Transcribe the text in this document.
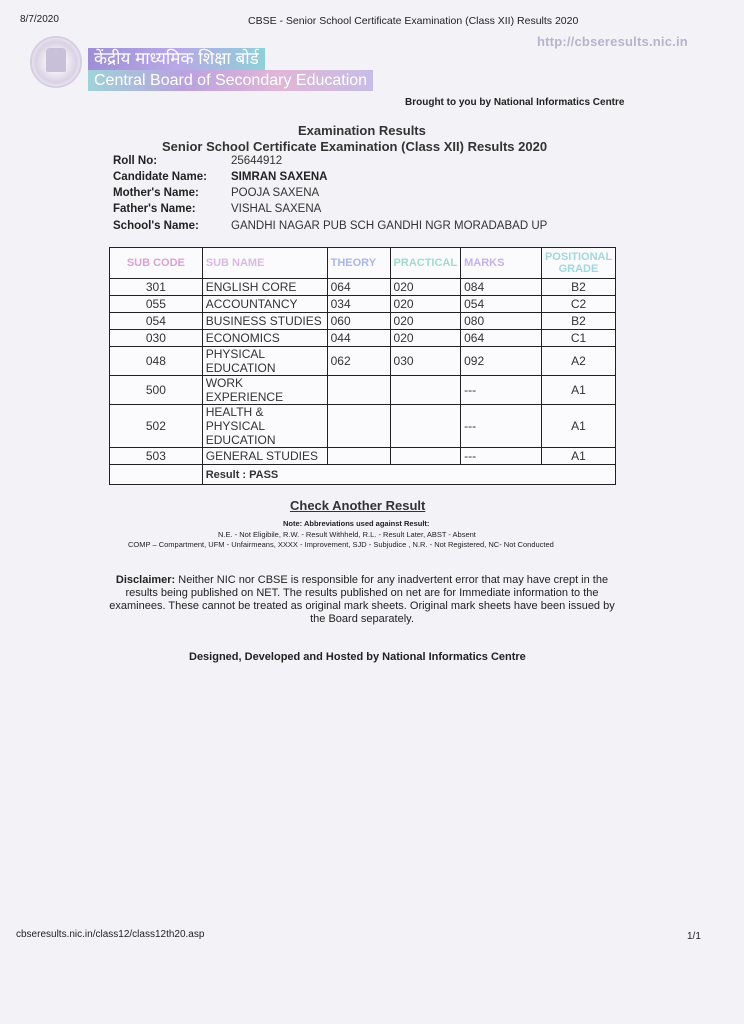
8/7/2020	CBSE - Senior School Certificate Examination (Class XII) Results 2020
http://cbseresults.nic.in
केंद्रीय माध्यमिक शिक्षा बोर्ड
Central Board of Secondary Education
Brought to you by National Informatics Centre
Examination Results
Senior School Certificate Examination (Class XII) Results 2020
Roll No:	25644912
Candidate Name: SIMRAN SAXENA
Mother's Name:	POOJA SAXENA
Father's Name:	VISHAL SAXENA
School's Name:	GANDHI NAGAR PUB SCH GANDHI NGR MORADABAD UP
SUB CODE	SUB NAME	THEORY	PRACTICAL	MARKS	POSITIONAL GRADE
301	ENGLISH CORE	064	020	084	B2
055	ACCOUNTANCY	034	020	054	C2
054	BUSINESS STUDIES	060	020	080	B2
030	ECONOMICS	044	020	064	C1
048	PHYSICAL EDUCATION	062	030	092	A2
500	WORK EXPERIENCE			---	A1
502	HEALTH & PHYSICAL EDUCATION			---	A1
503	GENERAL STUDIES			---	A1
	Result : PASS				
Check Another Result
Note: Abbreviations used against Result:
N.E. - Not Eligibile, R.W. - Result Withheld, R.L. - Result Later, ABST - Absent
COMP – Compartment, UFM - Unfairmeans, XXXX - Improvement, SJD - Subjudice , N.R. - Not Registered, NC- Not Conducted
Disclaimer: Neither NIC nor CBSE is responsible for any inadvertent error that may have crept in the results being published on NET. The results published on net are for Immediate information to the examinees. These cannot be treated as original mark sheets. Original mark sheets have been issued by the Board separately.
Designed, Developed and Hosted by National Informatics Centre
cbseresults.nic.in/class12/class12th20.asp	1/1
